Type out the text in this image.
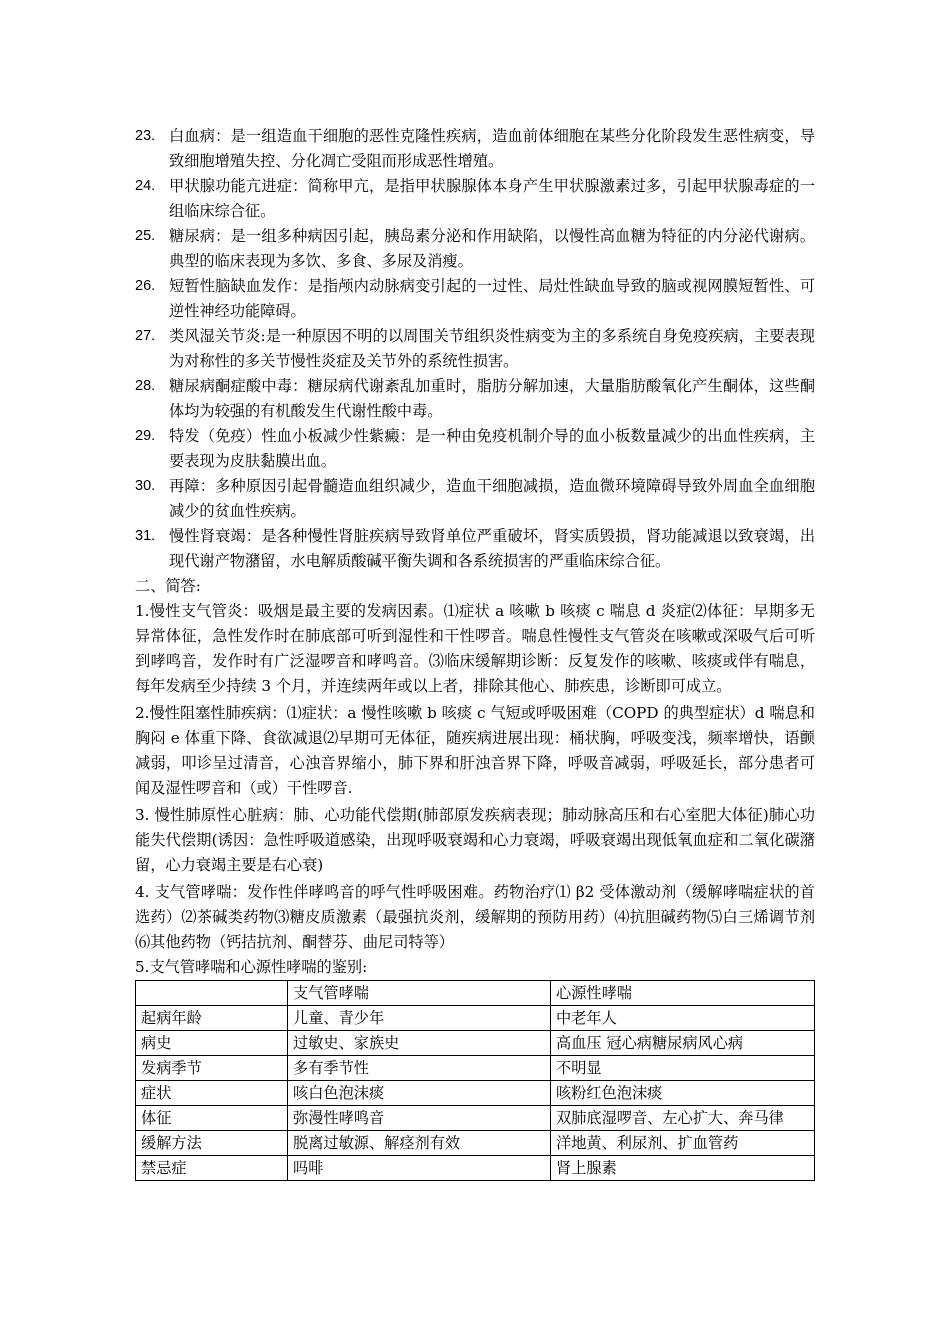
23. 白血病：是一组造血干细胞的恶性克隆性疾病，造血前体细胞在某些分化阶段发生恶性病变，导致细胞增殖失控、分化凋亡受阻而形成恶性增殖。
24. 甲状腺功能亢进症：简称甲亢，是指甲状腺腺体本身产生甲状腺激素过多，引起甲状腺毒症的一组临床综合征。
25. 糖尿病：是一组多种病因引起，胰岛素分泌和作用缺陷，以慢性高血糖为特征的内分泌代谢病。典型的临床表现为多饮、多食、多尿及消瘦。
26. 短暂性脑缺血发作：是指颅内动脉病变引起的一过性、局灶性缺血导致的脑或视网膜短暂性、可逆性神经功能障碍。
27. 类风湿关节炎:是一种原因不明的以周围关节组织炎性病变为主的多系统自身免疫疾病，主要表现为对称性的多关节慢性炎症及关节外的系统性损害。
28. 糖尿病酮症酸中毒：糖尿病代谢紊乱加重时，脂肪分解加速，大量脂肪酸氧化产生酮体，这些酮体均为较强的有机酸发生代谢性酸中毒。
29. 特发（免疫）性血小板减少性紫癜：是一种由免疫机制介导的血小板数量减少的出血性疾病，主要表现为皮肤黏膜出血。
30. 再障：多种原因引起骨髓造血组织减少，造血干细胞减损，造血微环境障碍导致外周血全血细胞减少的贫血性疾病。
31. 慢性肾衰竭：是各种慢性肾脏疾病导致肾单位严重破坏，肾实质毁损，肾功能减退以致衰竭，出现代谢产物潴留，水电解质酸碱平衡失调和各系统损害的严重临床综合征。
二、简答:
1.慢性支气管炎：吸烟是最主要的发病因素。⑴症状 a 咳嗽 b 咳痰 c 喘息 d 炎症⑵体征：早期多无异常体征，急性发作时在肺底部可听到湿性和干性啰音。喘息性慢性支气管炎在咳嗽或深吸气后可听到哮鸣音，发作时有广泛湿啰音和哮鸣音。⑶临床缓解期诊断：反复发作的咳嗽、咳痰或伴有喘息，每年发病至少持续 3 个月，并连续两年或以上者，排除其他心、肺疾患，诊断即可成立。
2.慢性阻塞性肺疾病：⑴症状：a 慢性咳嗽 b 咳痰 c 气短或呼吸困难（COPD 的典型症状）d 喘息和胸闷 e 体重下降、食欲减退⑵早期可无体征，随疾病进展出现：桶状胸，呼吸变浅，频率增快，语颤减弱，叩诊呈过清音，心浊音界缩小，肺下界和肝浊音界下降，呼吸音减弱，呼吸延长，部分患者可闻及湿性啰音和（或）干性啰音.
3. 慢性肺原性心脏病：肺、心功能代偿期(肺部原发疾病表现；肺动脉高压和右心室肥大体征)肺心功能失代偿期(诱因：急性呼吸道感染，出现呼吸衰竭和心力衰竭，呼吸衰竭出现低氧血症和二氧化碳潴留，心力衰竭主要是右心衰)
4. 支气管哮喘：发作性伴哮鸣音的呼气性呼吸困难。药物治疗⑴ β2 受体激动剂（缓解哮喘症状的首选药）⑵茶碱类药物⑶糖皮质激素（最强抗炎剂，缓解期的预防用药）⑷抗胆碱药物⑸白三烯调节剂⑹其他药物（钙拮抗剂、酮替芬、曲尼司特等）
5.支气管哮喘和心源性哮喘的鉴别:
	支气管哮喘	心源性哮喘
起病年龄	儿童、青少年	中老年人
病史	过敏史、家族史	高血压 冠心病糖尿病风心病
发病季节	多有季节性	不明显
症状	咳白色泡沫痰	咳粉红色泡沫痰
体征	弥漫性哮鸣音	双肺底湿啰音、左心扩大、奔马律
缓解方法	脱离过敏源、解痉剂有效	洋地黄、利尿剂、扩血管药
禁忌症	吗啡	肾上腺素
